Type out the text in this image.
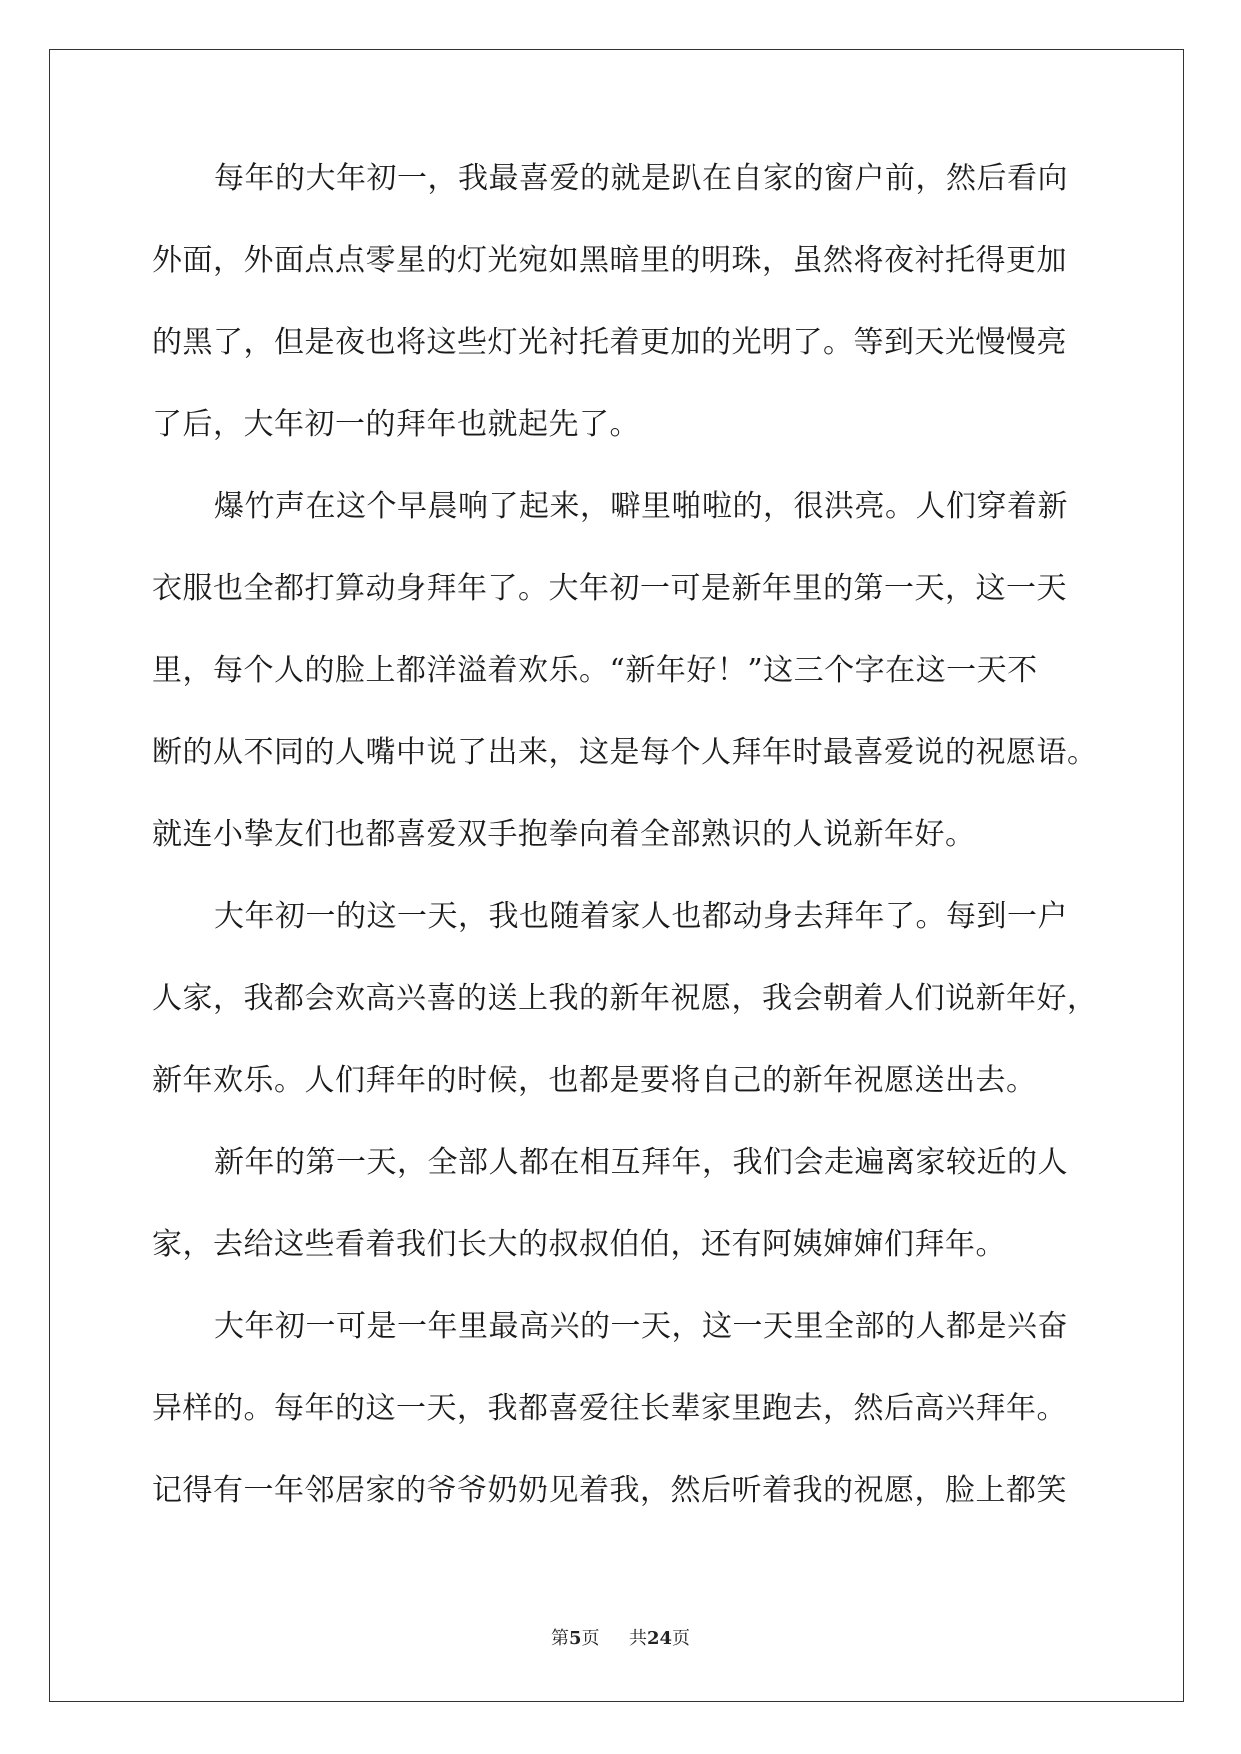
每年的大年初一，我最喜爱的就是趴在自家的窗户前，然后看向
外面，外面点点零星的灯光宛如黑暗里的明珠，虽然将夜衬托得更加
的黑了，但是夜也将这些灯光衬托着更加的光明了。等到天光慢慢亮
了后，大年初一的拜年也就起先了。
爆竹声在这个早晨响了起来，噼里啪啦的，很洪亮。人们穿着新
衣服也全都打算动身拜年了。大年初一可是新年里的第一天，这一天
里，每个人的脸上都洋溢着欢乐。“新年好！”这三个字在这一天不
断的从不同的人嘴中说了出来，这是每个人拜年时最喜爱说的祝愿语。
就连小挚友们也都喜爱双手抱拳向着全部熟识的人说新年好。
大年初一的这一天，我也随着家人也都动身去拜年了。每到一户
人家，我都会欢高兴喜的送上我的新年祝愿，我会朝着人们说新年好，
新年欢乐。人们拜年的时候，也都是要将自己的新年祝愿送出去。
新年的第一天，全部人都在相互拜年，我们会走遍离家较近的人
家，去给这些看着我们长大的叔叔伯伯，还有阿姨婶婶们拜年。
大年初一可是一年里最高兴的一天，这一天里全部的人都是兴奋
异样的。每年的这一天，我都喜爱往长辈家里跑去，然后高兴拜年。
记得有一年邻居家的爷爷奶奶见着我，然后听着我的祝愿，脸上都笑
第5页 共24页
